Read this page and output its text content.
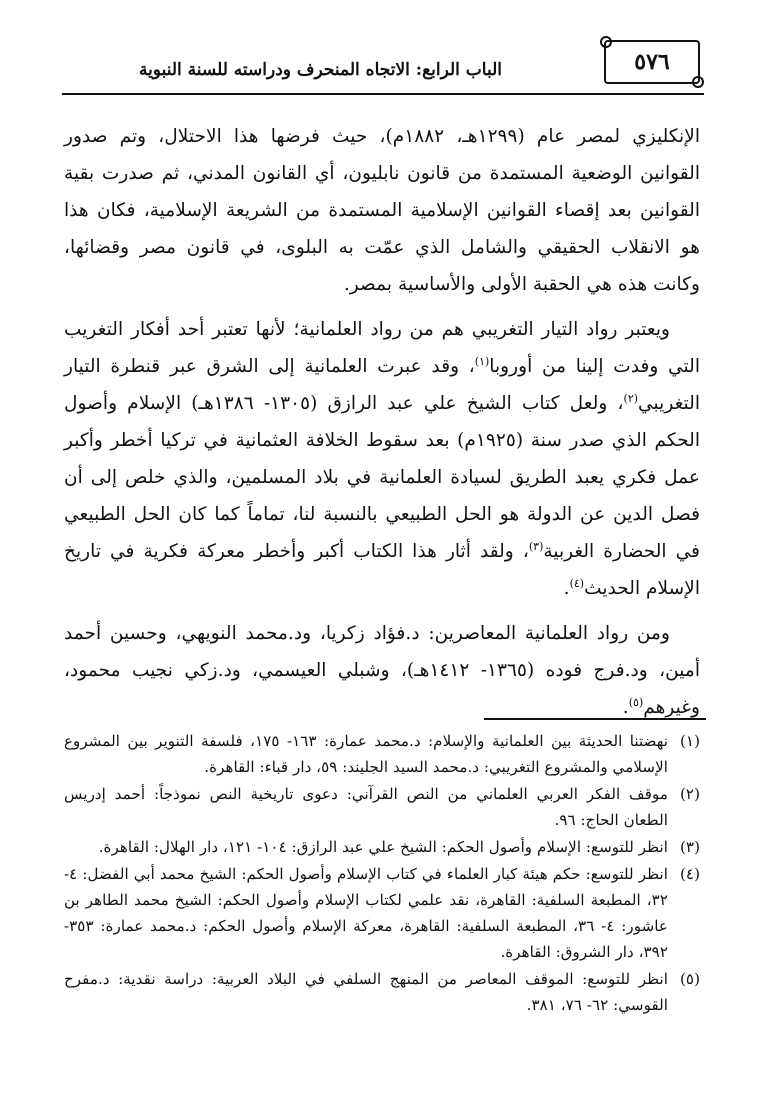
٥٧٦
الباب الرابع: الاتجاه المنحرف ودراسته للسنة النبوية

الإنكليزي لمصر عام (١٢٩٩هـ، ١٨٨٢م)، حيث فرضها هذا الاحتلال، وتم صدور القوانين الوضعية المستمدة من قانون نابليون، أي القانون المدني، ثم صدرت بقية القوانين بعد إقصاء القوانين الإسلامية المستمدة من الشريعة الإسلامية، فكان هذا هو الانقلاب الحقيقي والشامل الذي عمّت به البلوى، في قانون مصر وقضائها، وكانت هذه هي الحقبة الأولى والأساسية بمصر.

ويعتبر رواد التيار التغريبي هم من رواد العلمانية؛ لأنها تعتبر أحد أفكار التغريب التي وفدت إلينا من أوروبا$^{(١)}$، وقد عبرت العلمانية إلى الشرق عبر قنطرة التيار التغريبي$^{(٢)}$، ولعل كتاب الشيخ علي عبد الرازق (١٣٠٥- ١٣٨٦هـ) الإسلام وأصول الحكم الذي صدر سنة (١٩٢٥م) بعد سقوط الخلافة العثمانية في تركيا أخطر وأكبر عمل فكري يعبد الطريق لسيادة العلمانية في بلاد المسلمين، والذي خلص إلى أن فصل الدين عن الدولة هو الحل الطبيعي بالنسبة لنا، تماماً كما كان الحل الطبيعي في الحضارة الغربية$^{(٣)}$، ولقد أثار هذا الكتاب أكبر وأخطر معركة فكرية في تاريخ الإسلام الحديث$^{(٤)}$.

ومن رواد العلمانية المعاصرين: د.فؤاد زكريا، ود.محمد النويهي، وحسين أحمد أمين، ود.فرج فوده (١٣٦٥- ١٤١٢هـ)، وشبلي العيسمي، ود.زكي نجيب محمود، وغيرهم$^{(٥)}$.

(١)
نهضتنا الحديثة بين العلمانية والإسلام: د.محمد عمارة: ١٦٣- ١٧٥، فلسفة التنوير بين المشروع الإسلامي والمشروع التغريبي: د.محمد السيد الجليند: ٥٩، دار قباء: القاهرة.
(٢)
موقف الفكر العربي العلماني من النص القرآني: دعوى تاريخية النص نموذجاً: أحمد إدريس الطعان الحاج: ٩٦.
(٣)
انظر للتوسع: الإسلام وأصول الحكم: الشيخ علي عبد الرازق: ١٠٤- ١٢١، دار الهلال: القاهرة.
(٤)
انظر للتوسع: حكم هيئة كبار العلماء في كتاب الإسلام وأصول الحكم: الشيخ محمد أبي الفضل: ٤- ٣٢، المطبعة السلفية: القاهرة، نقد علمي لكتاب الإسلام وأصول الحكم: الشيخ محمد الطاهر بن عاشور: ٤- ٣٦، المطبعة السلفية: القاهرة، معركة الإسلام وأصول الحكم: د.محمد عمارة: ٣٥٣- ٣٩٢، دار الشروق: القاهرة.
(٥)
انظر للتوسع: الموقف المعاصر من المنهج السلفي في البلاد العربية: دراسة نقدية: د.مفرح القوسي: ٦٢- ٧٦، ٣٨١.
